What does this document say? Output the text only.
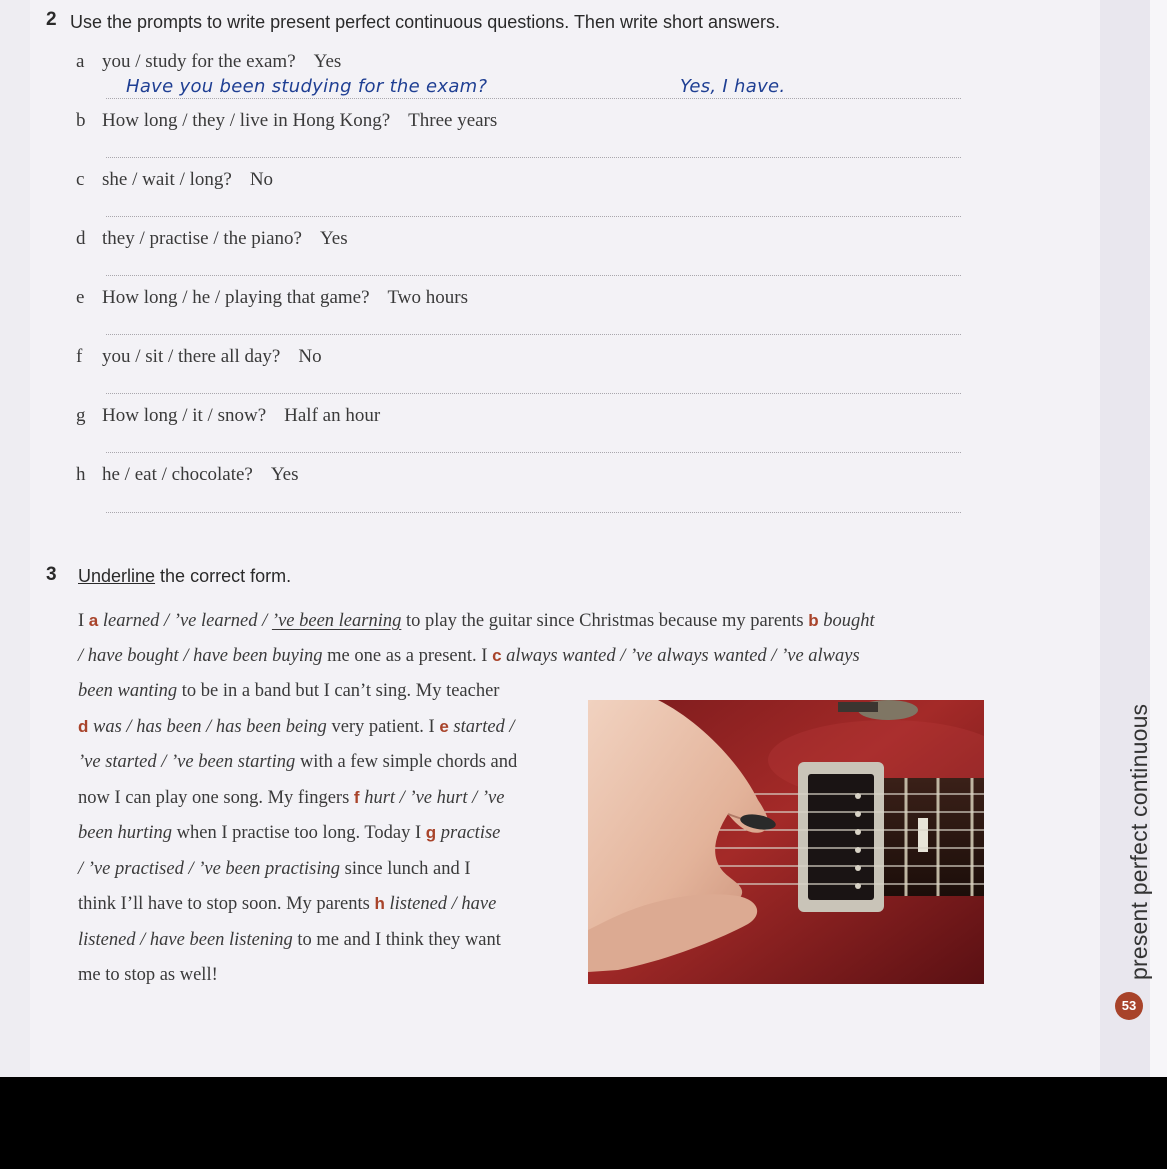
2 Use the prompts to write present perfect continuous questions. Then write short answers.
a you / study for the exam? Yes
Have you been studying for the exam?	Yes, I have.
b How long / they / live in Hong Kong? Three years
c she / wait / long? No
d they / practise / the piano? Yes
e How long / he / playing that game? Two hours
f you / sit / there all day? No
g How long / it / snow? Half an hour
h he / eat / chocolate? Yes
3 Underline the correct form.
I a learned / ’ve learned / ’ve been learning to play the guitar since Christmas because my parents b bought
/ have bought / have been buying me one as a present. I c always wanted / ’ve always wanted / ’ve always
been wanting to be in a band but I can’t sing. My teacher
d was / has been / has been being very patient. I e started /
’ve started / ’ve been starting with a few simple chords and
now I can play one song. My fingers f hurt / ’ve hurt / ’ve
been hurting when I practise too long. Today I g practise
/ ’ve practised / ’ve been practising since lunch and I
think I’ll have to stop soon. My parents h listened / have
listened / have been listening to me and I think they want
me to stop as well!	present perfect continuous
53
